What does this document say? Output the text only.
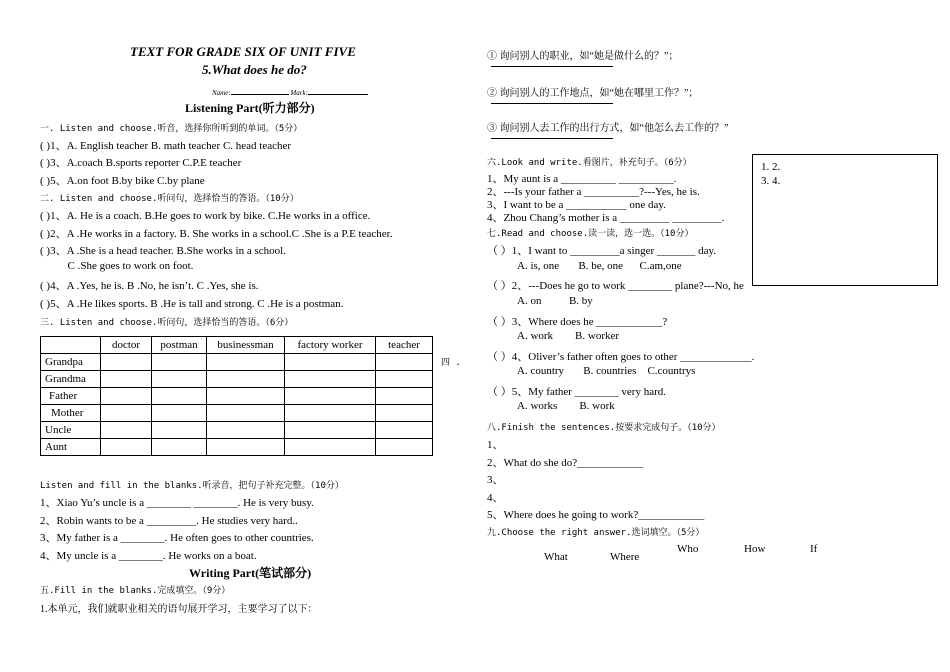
TEXT FOR GRADE SIX OF UNIT FIVE
5.What does he do?
Name:	Mark:
Listening Part(听力部分)
一. Listen and choose.听音，选择你所听到的单词。（5分）
( )1、A. English teacher B. math teacher C. head teacher
( )3、A.coach B.sports reporter C.P.E teacher
( )5、A.on foot B.by bike C.by plane
二. Listen and choose.听问句，选择恰当的答语。（10分）
( )1、A. He is a coach. B.He goes to work by bike. C.He works in a office.
( )2、A .He works in a factory. B. She works in a school.C .She is a P.E teacher.
( )3、A .She is a head teacher. B.She works in a school.
C .She goes to work on foot.
( )4、A .Yes, he is. B .No, he isn’t. C .Yes, she is.
( )5、A .He likes sports. B .He is tall and strong. C .He is a postman.
三. Listen and choose.听问句，选择恰当的答语。（6分）
	doctor	postman	businessman	factory worker	teacher
Grandpa					
Grandma					
Father					
Mother					
Uncle					
Aunt					
Listen and fill in the blanks.听录音，把句子补充完整。（10分）
1、Xiao Yu’s uncle is a ________ ________. He is very busy.
2、Robin wants to be a _________. He studies very hard..
3、My father is a ________. He often goes to other countries.
4、My uncle is a ________. He works on a boat.
Writing Part(笔试部分)
五.Fill in the blanks.完成填空。（9分）
1.本单元，我们就职业相关的语句展开学习，主要学习了以下：
① 询问别人的职业，如“她是做什么的？”；
② 询问别人的工作地点，如“她在哪里工作？”；
③ 询问别人去工作的出行方式，如“他怎么去工作的？”
四 .
六.Look and write.看图片，补充句子。（6分）
1、My aunt is a __________ __________.
2、---Is your father a __________?---Yes, he is.
3、I want to be a ___________ one day.
4、Zhou Chang’s mother is a _________ _________.
七.Read and choose.读一读，选一选。（10分）
（ ）1、I want to _________a singer _______ day.
A. is, one       B. be, one      C.am,one
（ ）2、---Does he go to work ________ plane?---No, he
A. on          B. by
（ ）3、Where does he ____________?
A. work        B. worker
（ ）4、Oliver’s father often goes to other _____________.
A. country       B. countries    C.countrys
（ ）5、My father ________ very hard.
A. works        B. work
1. 2.
3. 4.
八.Finish the sentences.按要求完成句子。（10分）
1、
2、What do she do?____________
3、
4、
5、Where does he going to work?____________
九.Choose the right answer.选词填空。（5分）
What	Where
Who	How	If
